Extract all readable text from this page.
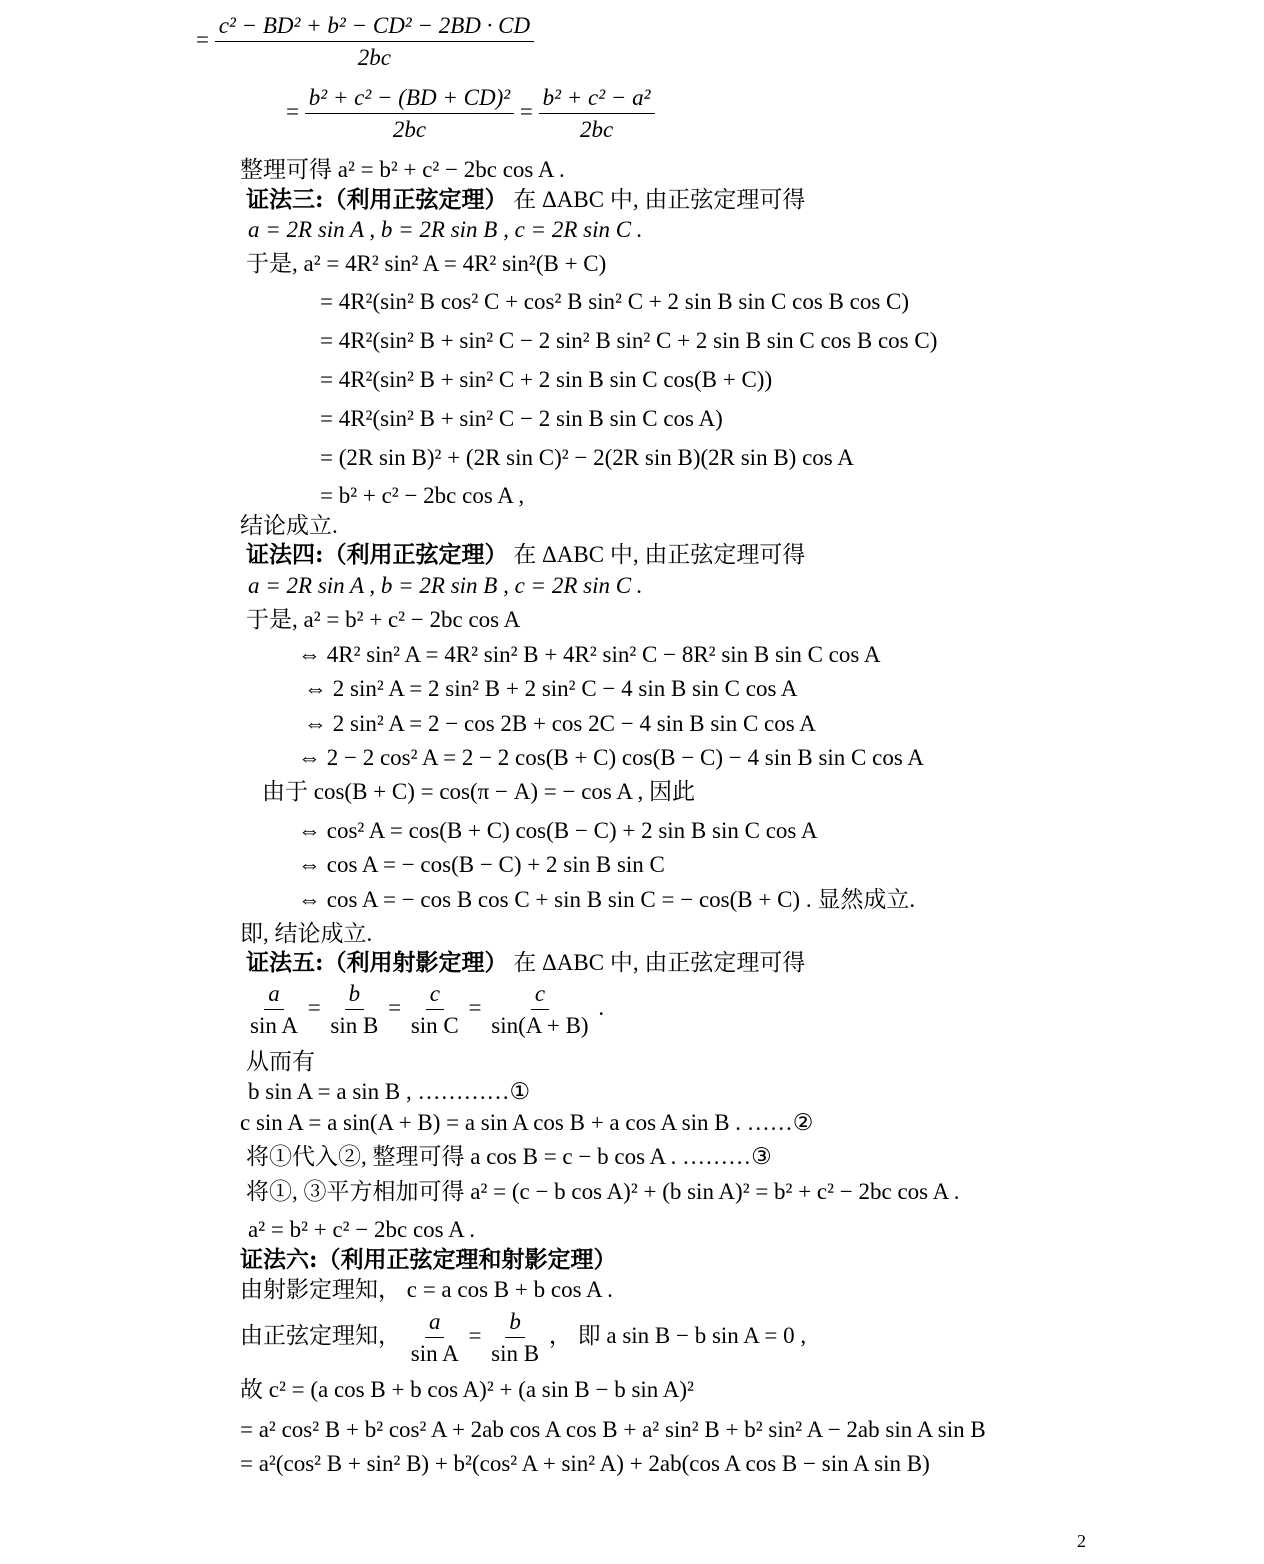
= $\frac{\text{c² − BD² + b² − CD² − 2BD · CD}}{2bc}$
= $\frac{\text{b² + c² − (BD + CD)²}}{2bc} = \frac{\text{b² + c² − a²}}{2bc}$
整理可得 a² = b² + c² − 2bc cos A .
证法三:（利用正弦定理） 在 ΔABC 中, 由正弦定理可得
a = 2R sin A , b = 2R sin B , c = 2R sin C .
于是, a² = 4R² sin² A = 4R² sin²(B + C)
= 4R²(sin² B cos² C + cos² B sin² C + 2 sin B sin C cos B cos C)
= 4R²(sin² B + sin² C − 2 sin² B sin² C + 2 sin B sin C cos B cos C)
= 4R²(sin² B + sin² C + 2 sin B sin C cos(B + C))
= 4R²(sin² B + sin² C − 2 sin B sin C cos A)
= (2R sin B)² + (2R sin C)² − 2(2R sin B)(2R sin B) cos A
= b² + c² − 2bc cos A ,
结论成立.
证法四:（利用正弦定理） 在 ΔABC 中, 由正弦定理可得
a = 2R sin A , b = 2R sin B , c = 2R sin C .
于是, a² = b² + c² − 2bc cos A
⇔ 4R² sin² A = 4R² sin² B + 4R² sin² C − 8R² sin B sin C cos A
⇔ 2 sin² A = 2 sin² B + 2 sin² C − 4 sin B sin C cos A
⇔ 2 sin² A = 2 − cos 2B + cos 2C − 4 sin B sin C cos A
⇔ 2 − 2 cos² A = 2 − 2 cos(B + C) cos(B − C) − 4 sin B sin C cos A
由于 cos(B + C) = cos(π − A) = − cos A , 因此
⇔ cos² A = cos(B + C) cos(B − C) + 2 sin B sin C cos A
⇔ cos A = − cos(B − C) + 2 sin B sin C
⇔ cos A = − cos B cos C + sin B sin C = − cos(B + C) . 显然成立.
即, 结论成立.
证法五:（利用射影定理） 在 ΔABC 中, 由正弦定理可得
$\frac{a}{\text{sin A}} = \frac{b}{\text{sin B}} = \frac{c}{\text{sin C}} = \frac{c}{\sin(A + B)}$ .
从而有
b sin A = a sin B , …………①
c sin A = a sin(A + B) = a sin A cos B + a cos A sin B . ……②
将①代入②, 整理可得 a cos B = c − b cos A . ………③
将①, ③平方相加可得 a² = (c − b cos A)² + (b sin A)² = b² + c² − 2bc cos A .
a² = b² + c² − 2bc cos A .
证法六:（利用正弦定理和射影定理）
由射影定理知， c = a cos B + b cos A .
由正弦定理知， $\frac{a}{\text{sin A}} = \frac{b}{\text{sin B}}$ ， 即 a sin B − b sin A = 0 ,
故 c² = (a cos B + b cos A)² + (a sin B − b sin A)²
= a² cos² B + b² cos² A + 2ab cos A cos B + a² sin² B + b² sin² A − 2ab sin A sin B
= a²(cos² B + sin² B) + b²(cos² A + sin² A) + 2ab(cos A cos B − sin A sin B)
2
